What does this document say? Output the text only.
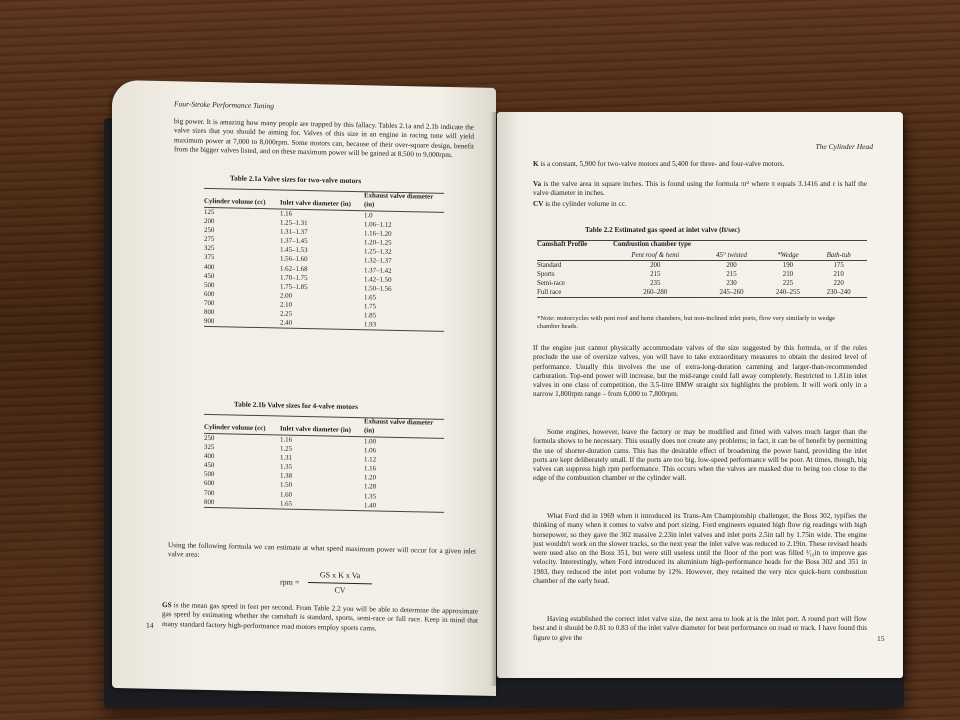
Four-Stroke Performance Tuning

big power. It is amazing how many people are trapped by this fallacy. Tables 2.1a and 2.1b indicate the valve sizes that you should be aiming for. Valves of this size in an engine in racing tune will yield maximum power at 7,000 to 8,000rpm. Some motors can, because of their over-square design, benefit from the bigger valves listed, and on these maximum power will be gained at 8,500 to 9,000rpm.

Table 2.1a Valve sizes for two-valve motors
Cylinder volume (cc)	Inlet valve diameter (in)	Exhaust valve diameter (in)
125	1.16	1.0
200	1.25–1.31	1.06–1.12
250	1.31–1.37	1.16–1.20
275	1.37–1.45	1.20–1.25
325	1.45–1.53	1.25–1.32
375	1.56–1.60	1.32–1.37
400	1.62–1.68	1.37–1.42
450	1.70–1.75	1.42–1.50
500	1.75–1.85	1.50–1.56
600	2.00	1.65
700	2.10	1.75
800	2.25	1.85
900	2.40	1.93
Table 2.1b Valve sizes for 4-valve motors
Cylinder volume (cc)	Inlet valve diameter (in)	Exhaust valve diameter (in)
250	1.16	1.00
325	1.25	1.06
400	1.31	1.12
450	1.35	1.16
500	1.38	1.20
600	1.50	1.28
700	1.60	1.35
800	1.65	1.40

Using the following formula we can estimate at what speed maximum power will occur for a given inlet valve area:

rpm =
GS x K x Va
CV

GS is the mean gas speed in feet per second. From Table 2.2 you will be able to determine the approximate gas speed by estimating whether the camshaft is standard, sports, semi-race or full race. Keep in mind that many standard factory high-performance road motors employ sports cams.

14
The Cylinder Head

K is a constant, 5,900 for two-valve motors and 5,400 for three- and four-valve motors.

Va is the valve area in square inches. This is found using the formula πr² where π equals 3.1416 and r is half the valve diameter in inches.

CV is the cylinder volume in cc.

Table 2.2 Estimated gas speed at inlet valve (ft/sec)
Camshaft Profile	Combustion chamber type			
	Pent roof & hemi	45° twisted	*Wedge	Bath-tub
Standard	200	200	190	175
Sports	215	215	210	210
Semi-race	235	230	225	220
Full race	260–280	245–260	240–255	230–240
*Note: motorcycles with pent roof and hemi chambers, but non-inclined inlet ports, flow very similarly to wedge chamber heads.

If the engine just cannot physically accommodate valves of the size suggested by this formula, or if the rules preclude the use of oversize valves, you will have to take extraordinary measures to obtain the desired level of performance. Usually this involves the use of extra-long-duration camming and larger-than-recommended carburation. Top-end power will increase, but the mid-range could fall away completely. Restricted to 1.81in inlet valves in one class of competition, the 3.5-litre BMW straight six highlights the problem. It will work only in a narrow 1,800rpm range – from 6,000 to 7,800rpm.

Some engines, however, leave the factory or may be modified and fitted with valves much larger than the formula shows to be necessary. This usually does not create any problems; in fact, it can be of benefit by permitting the use of shorter-duration cams. This has the desirable effect of broadening the power band, providing the inlet ports are kept deliberately small. If the ports are too big, low-speed performance will be poor. At times, though, big valves can suppress high rpm performance. This occurs when the valves are masked due to being too close to the edge of the combustion chamber or the cylinder wall.

What Ford did in 1969 when it introduced its Trans-Am Championship challenger, the Boss 302, typifies the thinking of many when it comes to valve and port sizing. Ford engineers equated high flow rig readings with high horsepower, so they gave the 302 massive 2.23in inlet valves and inlet ports 2.5in tall by 1.75in wide. The engine just wouldn't work on the slower tracks, so the next year the inlet valve was reduced to 2.19in. These revised heads were used also on the Boss 351, but were still useless until the floor of the port was filled ³⁄₁₆in to improve gas velocity. Interestingly, when Ford introduced its aluminium high-performance heads for the Boss 302 and 351 in 1983, they reduced the inlet port volume by 12%. However, they retained the very nice quick-burn combustion chamber of the early head.

Having established the correct inlet valve size, the next area to look at is the inlet port. A round port will flow best and it should be 0.81 to 0.83 of the inlet valve diameter for best performance on road or track. I have found this figure to give the	15
